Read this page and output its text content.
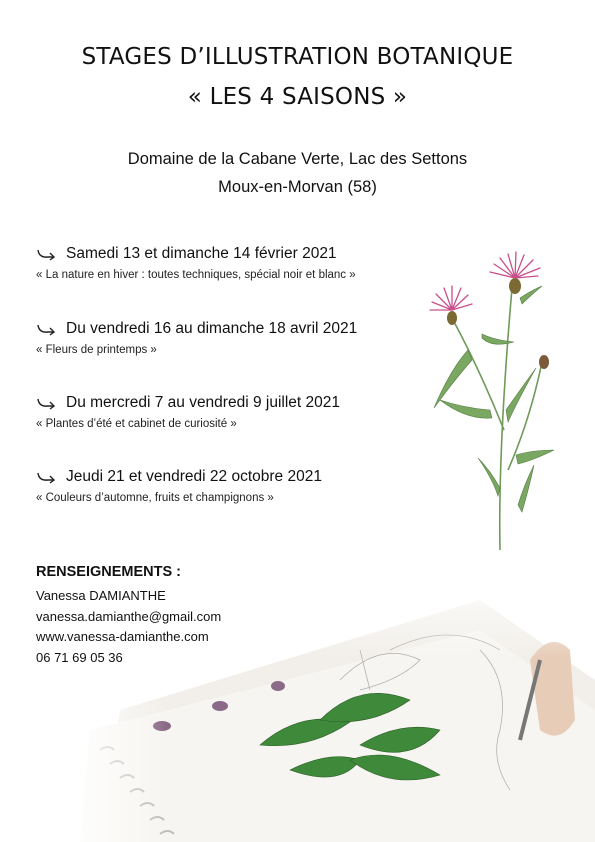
STAGES D’ILLUSTRATION BOTANIQUE
« LES 4 SAISONS »
Domaine de la Cabane Verte, Lac des Settons
Moux-en-Morvan (58)
Samedi 13 et dimanche 14 février 2021
« La nature en hiver : toutes techniques, spécial noir et blanc »
Du vendredi 16 au dimanche 18 avril 2021
« Fleurs de printemps »
Du mercredi 7 au vendredi 9 juillet 2021
« Plantes d’été et cabinet de curiosité »
Jeudi 21 et vendredi 22 octobre 2021
« Couleurs d’automne, fruits et champignons »
RENSEIGNEMENTS :
Vanessa DAMIANTHE
vanessa.damianthe@gmail.com
www.vanessa-damianthe.com
06 71 69 05 36
